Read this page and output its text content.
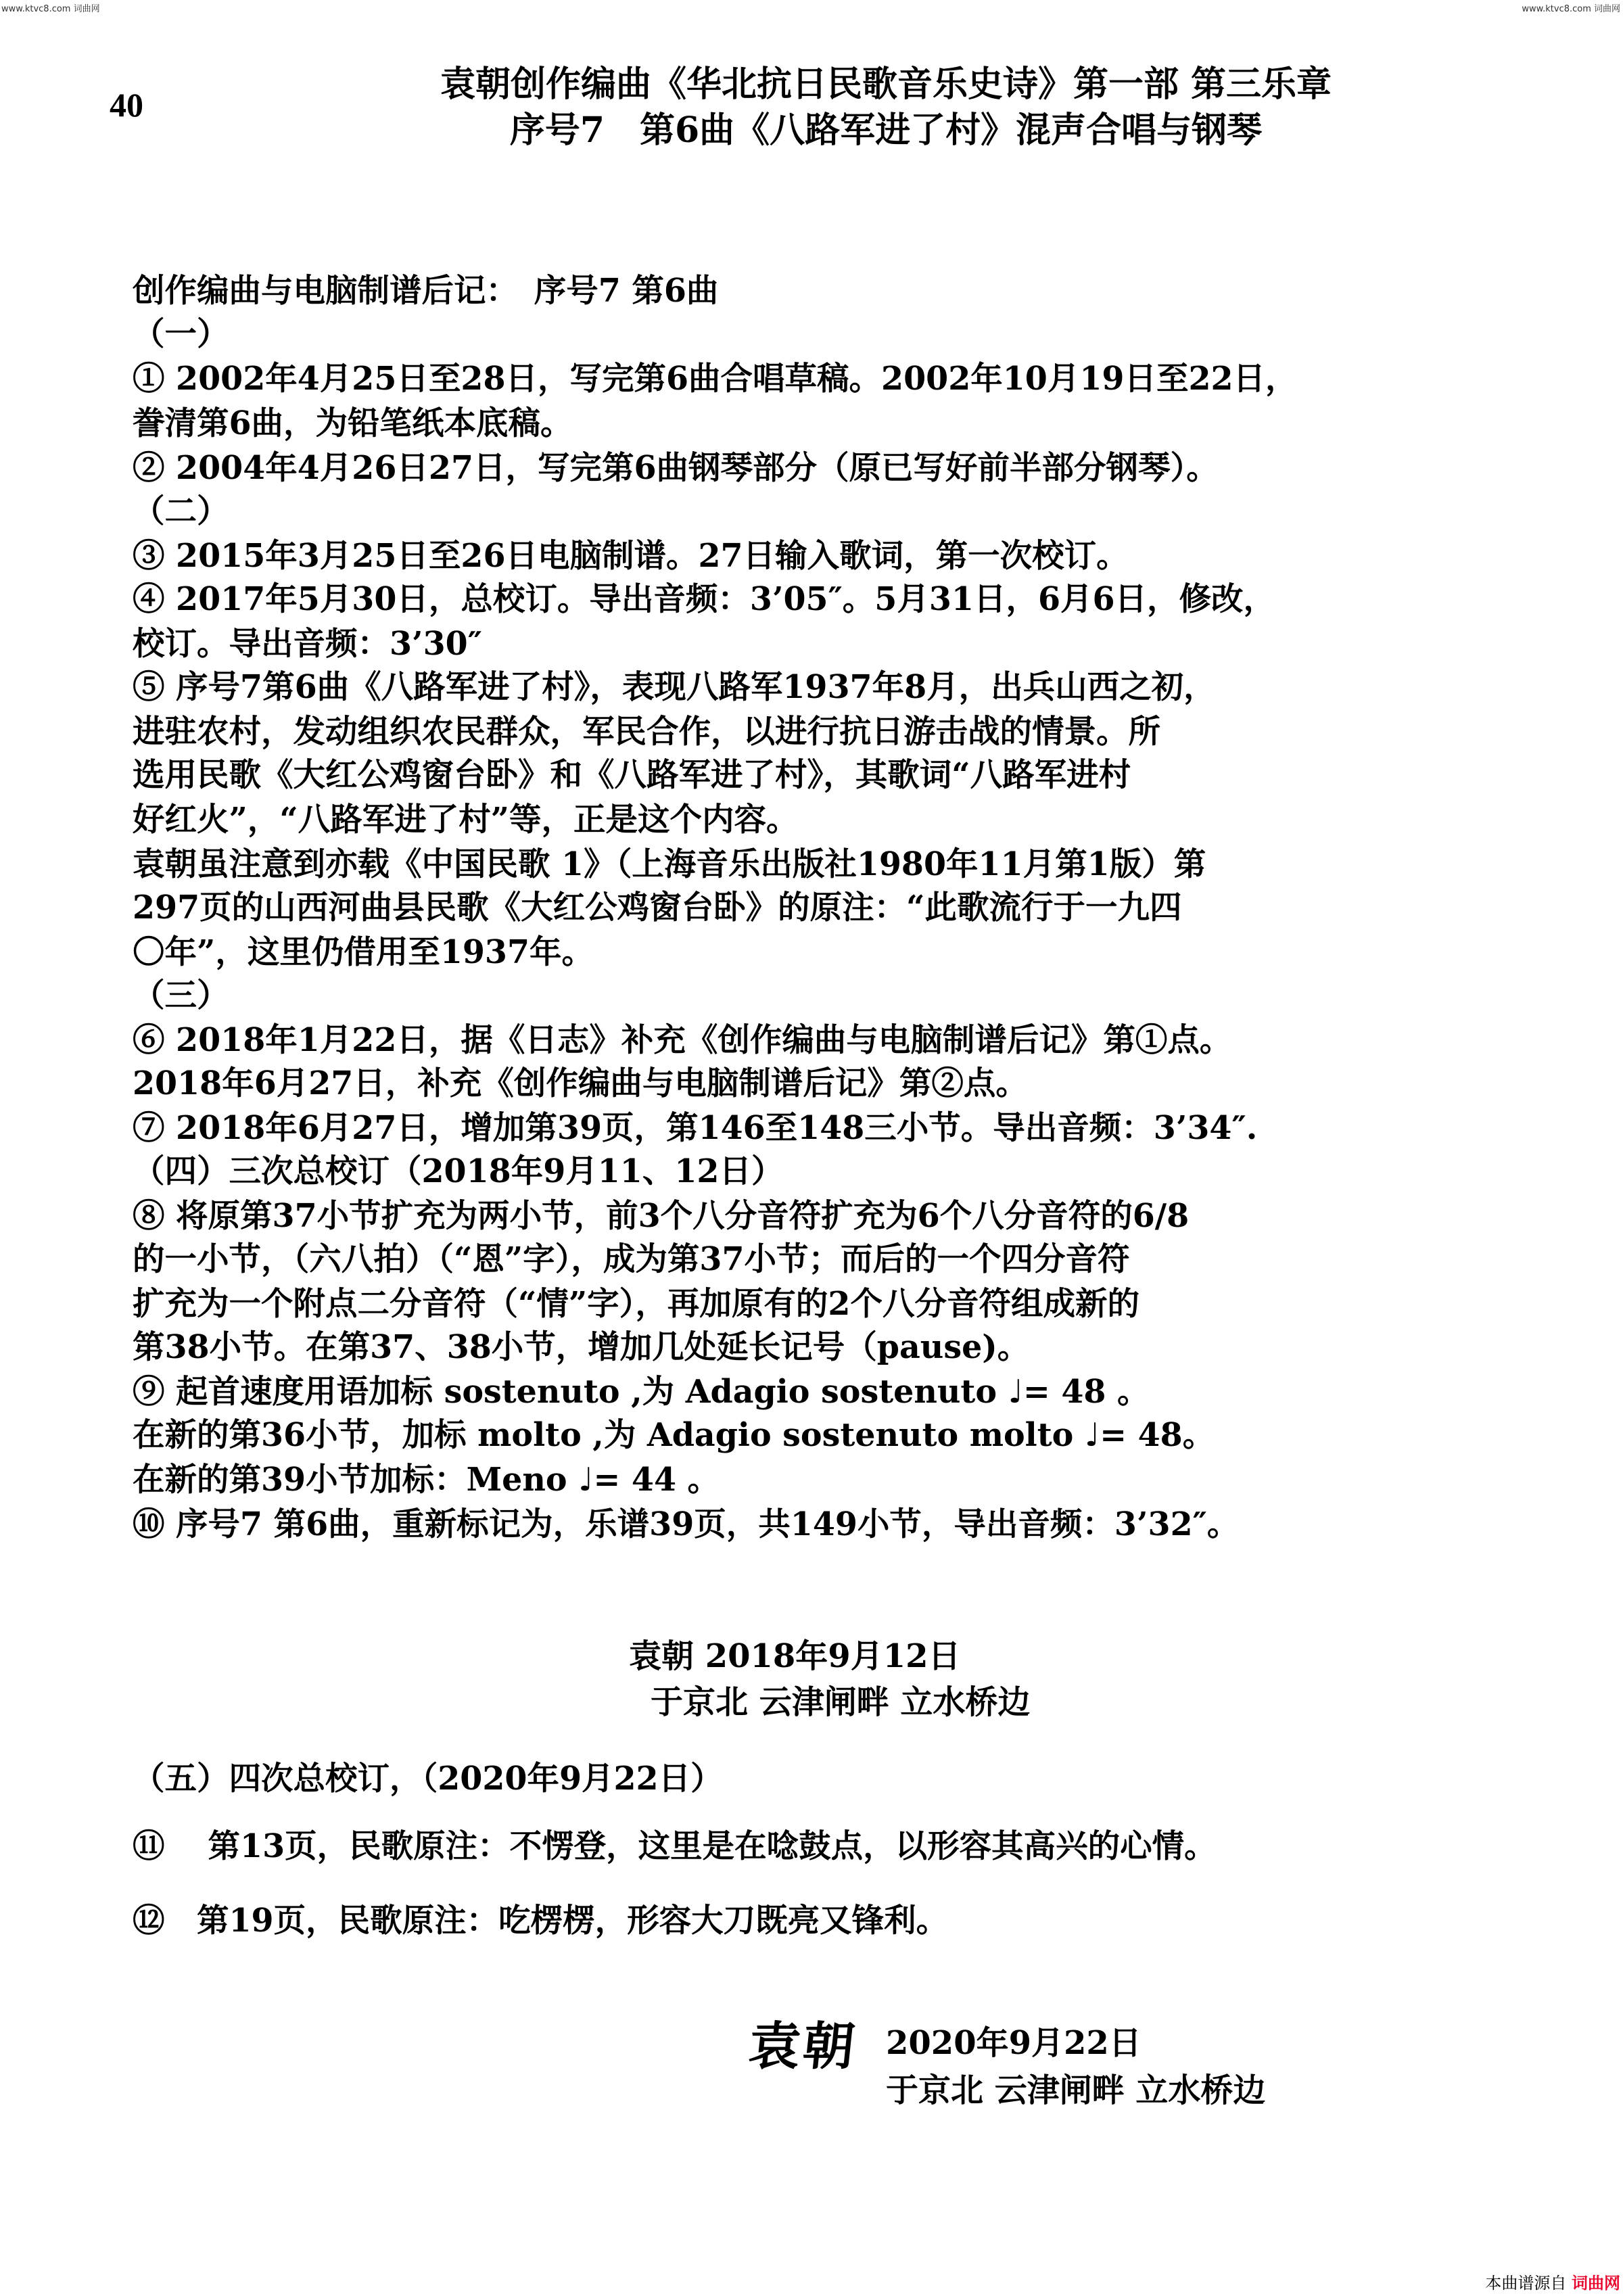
www.ktvc8.com 词曲网	www.ktvc8.com 词曲网
40	袁朝创作编曲《华北抗日民歌音乐史诗》第一部 第三乐章
序号7　第6曲《八路军进了村》混声合唱与钢琴
创作编曲与电脑制谱后记：　序号7 第6曲
（一）
① 2002年4月25日至28日，写完第6曲合唱草稿。2002年10月19日至22日，
誊清第6曲，为铅笔纸本底稿。
② 2004年4月26日27日，写完第6曲钢琴部分（原已写好前半部分钢琴）。
（二）
③ 2015年3月25日至26日电脑制谱。27日输入歌词，第一次校订。
④ 2017年5月30日，总校订。导出音频：3’05″。5月31日，6月6日，修改，
校订。导出音频：3’30″
⑤ 序号7第6曲《八路军进了村》，表现八路军1937年8月，出兵山西之初，
进驻农村，发动组织农民群众，军民合作，以进行抗日游击战的情景。所
选用民歌《大红公鸡窗台卧》和《八路军进了村》，其歌词“八路军进村
好红火”，“八路军进了村”等，正是这个内容。
袁朝虽注意到亦载《中国民歌 1》（上海音乐出版社1980年11月第1版）第
297页的山西河曲县民歌《大红公鸡窗台卧》的原注：“此歌流行于一九四
〇年”，这里仍借用至1937年。
（三）
⑥ 2018年1月22日，据《日志》补充《创作编曲与电脑制谱后记》第①点。
2018年6月27日，补充《创作编曲与电脑制谱后记》第②点。
⑦ 2018年6月27日，增加第39页，第146至148三小节。导出音频：3’34″.
（四）三次总校订（2018年9月11、12日）
⑧ 将原第37小节扩充为两小节，前3个八分音符扩充为6个八分音符的6/8
的一小节，（六八拍）（“恩”字），成为第37小节；而后的一个四分音符
扩充为一个附点二分音符（“情”字），再加原有的2个八分音符组成新的
第38小节。在第37、38小节，增加几处延长记号（pause)。
⑨ 起首速度用语加标 sostenuto ,为 Adagio sostenuto ♩= 48 。
在新的第36小节，加标 molto ,为 Adagio sostenuto molto ♩= 48。
在新的第39小节加标：Meno ♩= 44 。
⑩ 序号7 第6曲，重新标记为，乐谱39页，共149小节，导出音频：3’32″。
袁朝 2018年9月12日
于京北 云津闸畔 立水桥边
（五）四次总校订，（2020年9月22日）
⑪　 第13页，民歌原注：不愣登，这里是在唸鼓点，以形容其高兴的心情。
⑫　第19页，民歌原注：吃楞楞，形容大刀既亮又锋利。
袁朝 2020年9月22日
于京北 云津闸畔 立水桥边
本曲谱源自 词曲网
